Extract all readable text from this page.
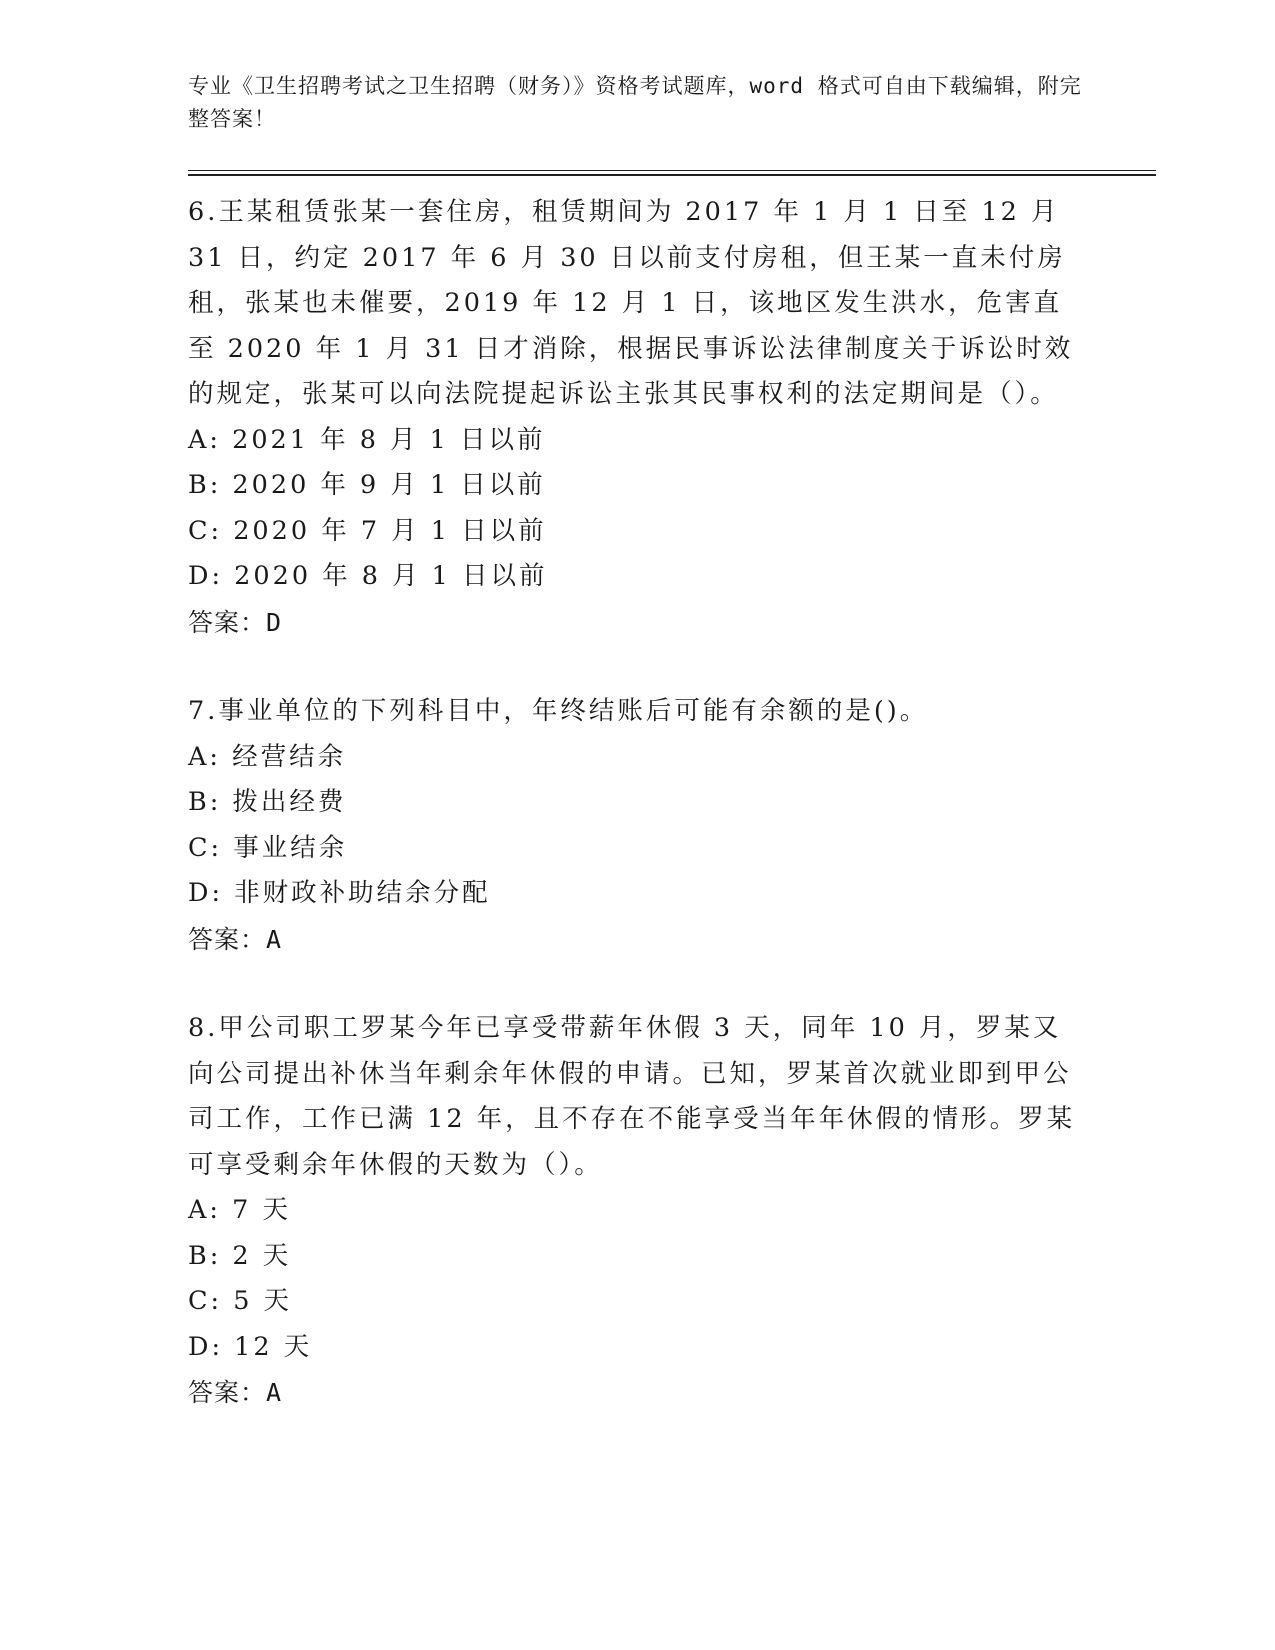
专业《卫生招聘考试之卫生招聘（财务）》资格考试题库，word 格式可自由下载编辑，附完整答案！
6.王某租赁张某一套住房，租赁期间为 2017 年 1 月 1 日至 12 月 31 日，约定 2017 年 6 月 30 日以前支付房租，但王某一直未付房租，张某也未催要，2019 年 12 月 1 日，该地区发生洪水，危害直至 2020 年 1 月 31 日才消除，根据民事诉讼法律制度关于诉讼时效的规定，张某可以向法院提起诉讼主张其民事权利的法定期间是（）。
A: 2021 年 8 月 1 日以前
B: 2020 年 9 月 1 日以前
C: 2020 年 7 月 1 日以前
D: 2020 年 8 月 1 日以前
答案：D
7.事业单位的下列科目中，年终结账后可能有余额的是()。
A: 经营结余
B: 拨出经费
C: 事业结余
D: 非财政补助结余分配
答案：A
8.甲公司职工罗某今年已享受带薪年休假 3 天，同年 10 月，罗某又向公司提出补休当年剩余年休假的申请。已知，罗某首次就业即到甲公司工作，工作已满 12 年，且不存在不能享受当年年休假的情形。罗某可享受剩余年休假的天数为（）。
A: 7 天
B: 2 天
C: 5 天
D: 12 天
答案：A
